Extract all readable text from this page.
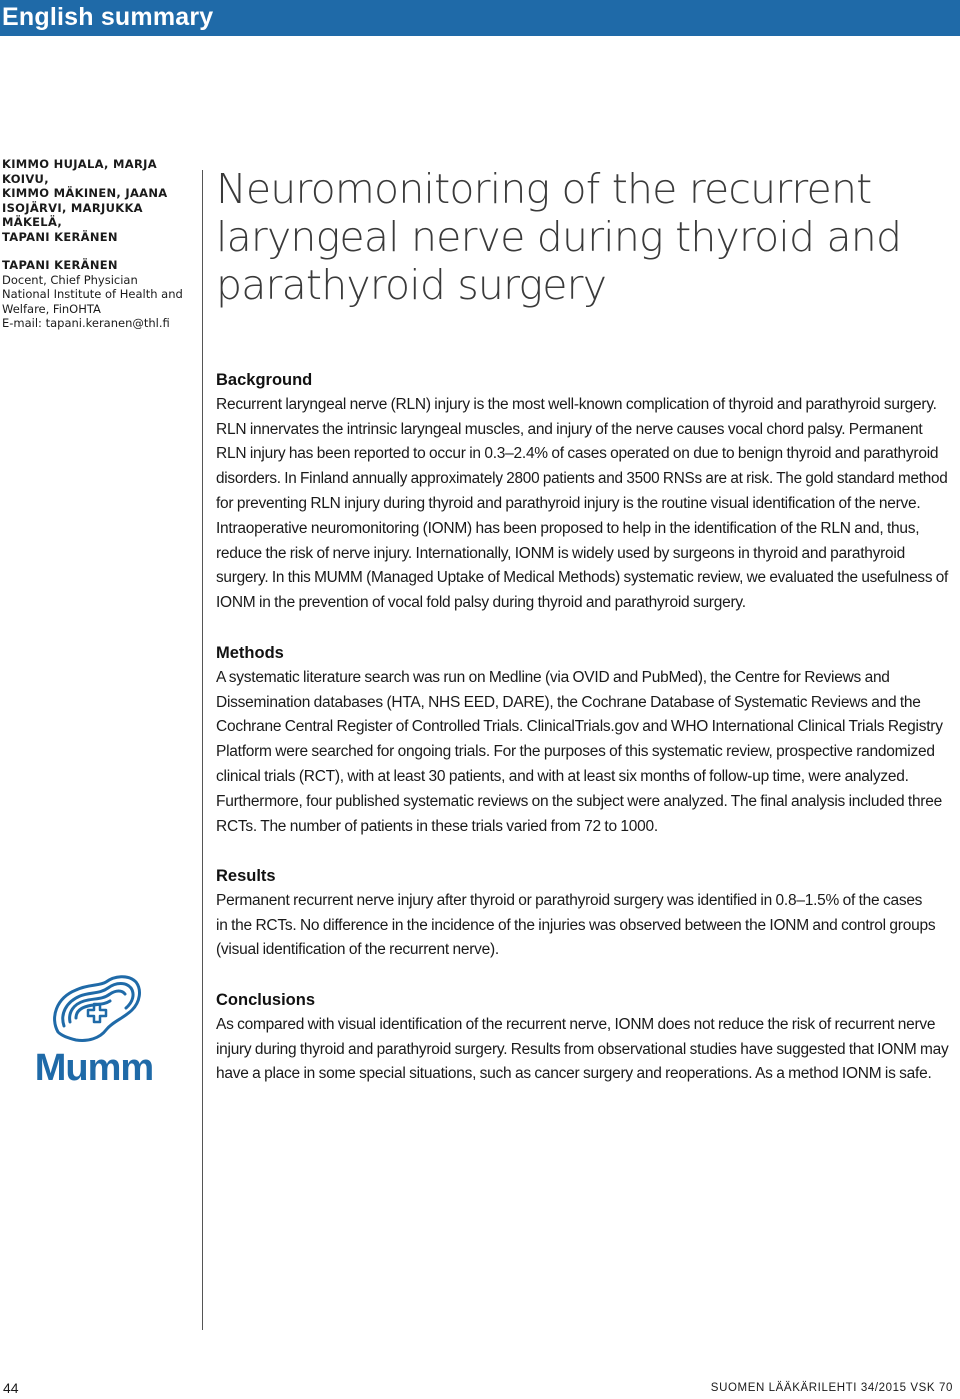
English summary
KIMMO HUJALA, MARJA KOIVU,
KIMMO MÄKINEN, JAANA
ISOJÄRVI, MARJUKKA MÄKELÄ,
TAPANI KERÄNEN
TAPANI KERÄNEN
Docent, Chief Physician
National Institute of Health and
Welfare, FinOHTA
E-mail: tapani.keranen@thl.fi
Neuromonitoring of the recurrent
laryngeal nerve during thyroid and
parathyroid surgery
Background
Recurrent laryngeal nerve (RLN) injury is the most well-known complication of thyroid and parathyroid surgery.
RLN innervates the intrinsic laryngeal muscles, and injury of the nerve causes vocal chord palsy. Permanent
RLN injury has been reported to occur in 0.3–2.4% of cases operated on due to benign thyroid and parathyroid
disorders. In Finland annually approximately 2800 patients and 3500 RNSs are at risk. The gold standard method
for preventing RLN injury during thyroid and parathyroid injury is the routine visual identification of the nerve.
Intraoperative neuromonitoring (IONM) has been proposed to help in the identification of the RLN and, thus,
reduce the risk of nerve injury. Internationally, IONM is widely used by surgeons in thyroid and parathyroid
surgery. In this MUMM (Managed Uptake of Medical Methods) systematic review, we evaluated the usefulness of
IONM in the prevention of vocal fold palsy during thyroid and parathyroid surgery.
Methods
A systematic literature search was run on Medline (via OVID and PubMed), the Centre for Reviews and
Dissemination databases (HTA, NHS EED, DARE), the Cochrane Database of Systematic Reviews and the
Cochrane Central Register of Controlled Trials. ClinicalTrials.gov and WHO International Clinical Trials Registry
Platform were searched for ongoing trials. For the purposes of this systematic review, prospective randomized
clinical trials (RCT), with at least 30 patients, and with at least six months of follow-up time, were analyzed.
Furthermore, four published systematic reviews on the subject were analyzed. The final analysis included three
RCTs. The number of patients in these trials varied from 72 to 1000.
Results
Permanent recurrent nerve injury after thyroid or parathyroid surgery was identified in 0.8–1.5% of the cases
in the RCTs. No difference in the incidence of the injuries was observed between the IONM and control groups
(visual identification of the recurrent nerve).
Conclusions
As compared with visual identification of the recurrent nerve, IONM does not reduce the risk of recurrent nerve
injury during thyroid and parathyroid surgery. Results from observational studies have suggested that IONM may
have a place in some special situations, such as cancer surgery and reoperations. As a method IONM is safe.
Mumm
44	SUOMEN LÄÄKÄRILEHTI 34/2015 VSK 70
